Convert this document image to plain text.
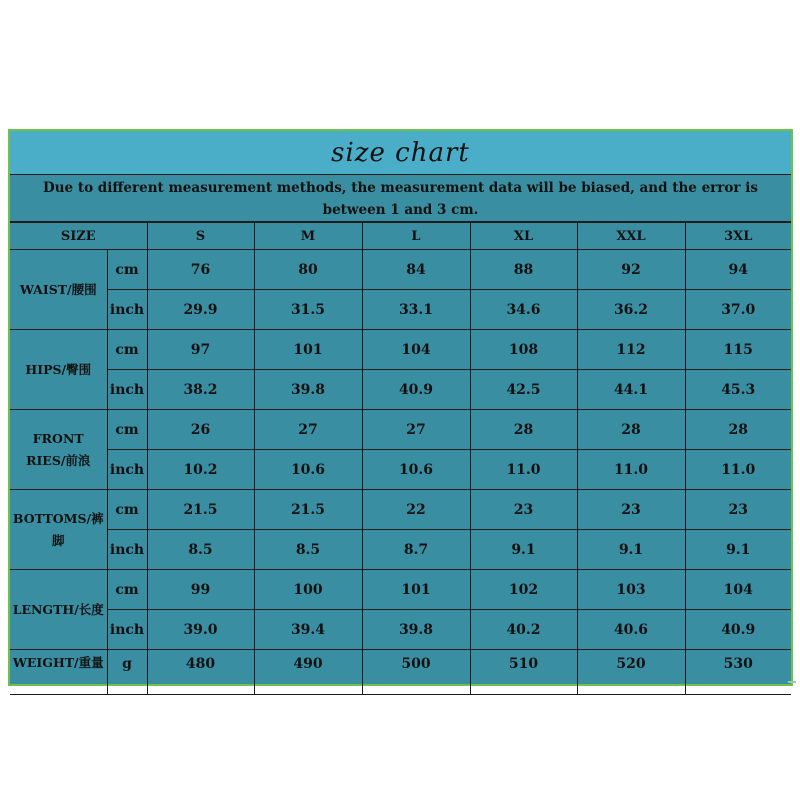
size chart
Due to different measurement methods, the measurement data will be biased, and the error is between 1 and 3 cm.
SIZE		S	M	L	XL	XXL	3XL
WAIST/腰围	cm	76	80	84	88	92	94
	inch	29.9	31.5	33.1	34.6	36.2	37.0
HIPS/臀围	cm	97	101	104	108	112	115
	inch	38.2	39.8	40.9	42.5	44.1	45.3
FRONT RIES/前浪	cm	26	27	27	28	28	28
	inch	10.2	10.6	10.6	11.0	11.0	11.0
BOTTOMS/裤脚	cm	21.5	21.5	22	23	23	23
	inch	8.5	8.5	8.7	9.1	9.1	9.1
LENGTH/长度	cm	99	100	101	102	103	104
	inch	39.0	39.4	39.8	40.2	40.6	40.9

WEIGHT/重量	g	480	490	500	510	520	530
